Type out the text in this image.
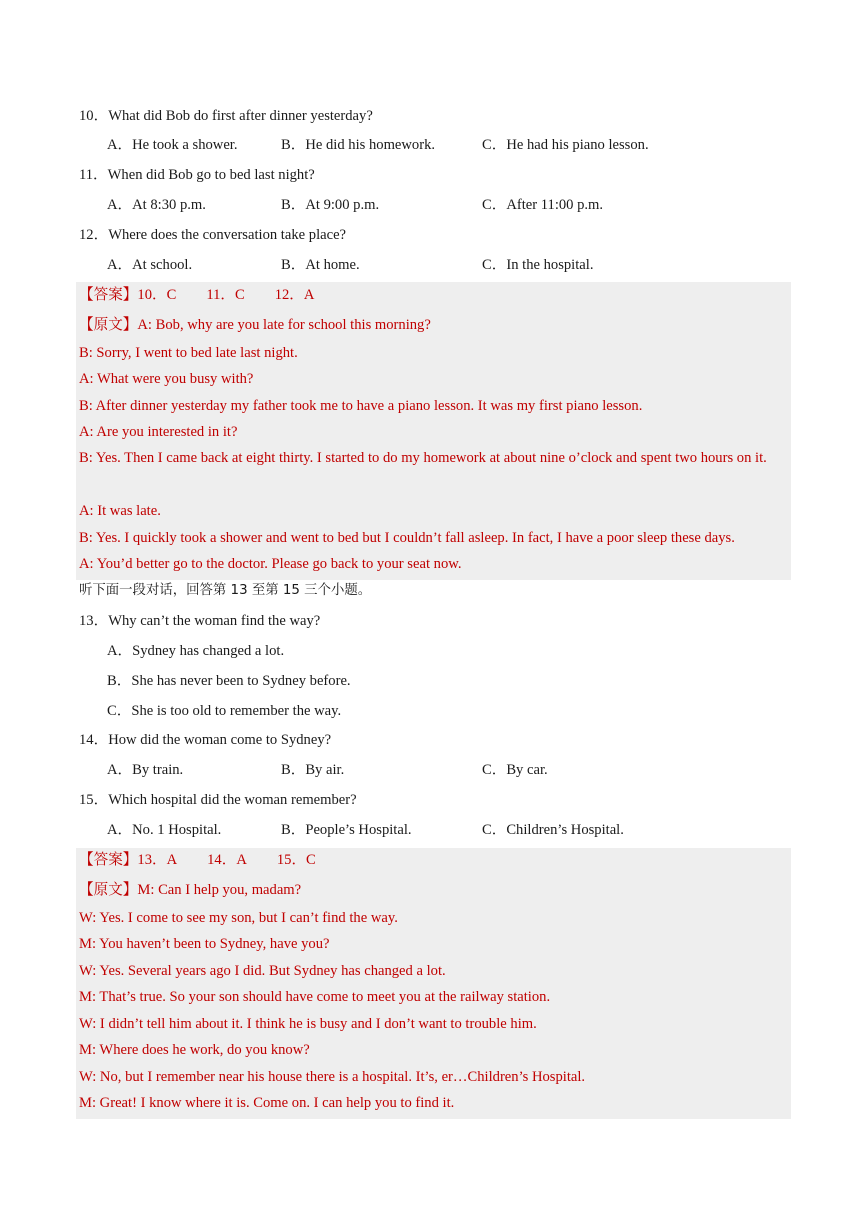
10．What did Bob do first after dinner yesterday?
A．He took a shower.	B．He did his homework.	C．He had his piano lesson.
11．When did Bob go to bed last night?
A．At 8:30 p.m.	B．At 9:00 p.m.	C．After 11:00 p.m.
12．Where does the conversation take place?
A．At school.	B．At home.	C．In the hospital.
【答案】10．C 11．C 12．A
【原文】A: Bob, why are you late for school this morning?
B: Sorry, I went to bed late last night.
A: What were you busy with?
B: After dinner yesterday my father took me to have a piano lesson. It was my first piano lesson.
A: Are you interested in it?
B: Yes. Then I came back at eight thirty. I started to do my homework at about nine o’clock and spent two hours on it.
A: It was late.
B: Yes. I quickly took a shower and went to bed but I couldn’t fall asleep. In fact, I have a poor sleep these days.
A: You’d better go to the doctor. Please go back to your seat now.
听下面一段对话，回答第 13 至第 15 三个小题。
13．Why can’t the woman find the way?
A．Sydney has changed a lot.
B．She has never been to Sydney before.
C．She is too old to remember the way.
14．How did the woman come to Sydney?
A．By train.	B．By air.	C．By car.
15．Which hospital did the woman remember?
A．No. 1 Hospital.	B．People’s Hospital.	C．Children’s Hospital.
【答案】13．A 14．A 15．C
【原文】M: Can I help you, madam?
W: Yes. I come to see my son, but I can’t find the way.
M: You haven’t been to Sydney, have you?
W: Yes. Several years ago I did. But Sydney has changed a lot.
M: That’s true. So your son should have come to meet you at the railway station.
W: I didn’t tell him about it. I think he is busy and I don’t want to trouble him.
M: Where does he work, do you know?
W: No, but I remember near his house there is a hospital. It’s, er…Children’s Hospital.
M: Great! I know where it is. Come on. I can help you to find it.
